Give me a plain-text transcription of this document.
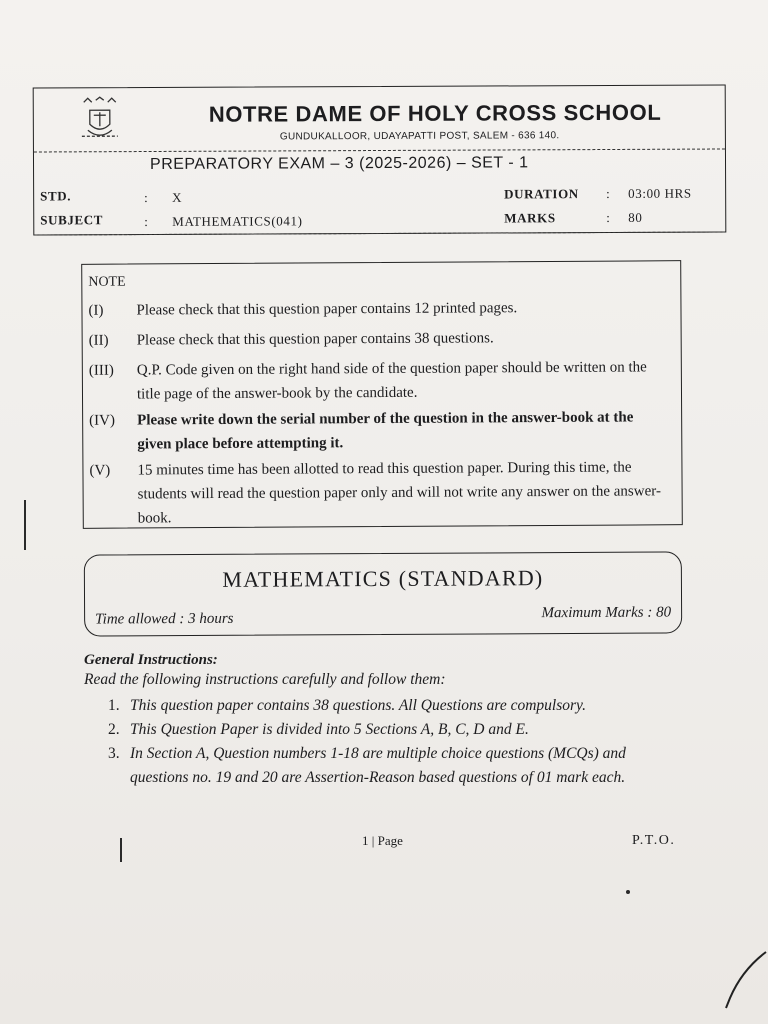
NOTRE DAME OF HOLY CROSS SCHOOL
GUNDUKALLOOR, UDAYAPATTI POST, SALEM - 636 140.
PREPARATORY EXAM – 3 (2025-2026) – SET - 1
STD.	: X
SUBJECT	: MATHEMATICS(041)
DURATION : 03:00 HRS
MARKS	: 80
NOTE
(I)	Please check that this question paper contains 12 printed pages.
(II)	Please check that this question paper contains 38 questions.
(III)	Q.P. Code given on the right hand side of the question paper should be written on the title page of the answer-book by the candidate.
(IV)	Please write down the serial number of the question in the answer-book at the given place before attempting it.
(V)	15 minutes time has been allotted to read this question paper. During this time, the students will read the question paper only and will not write any answer on the answer-book.
MATHEMATICS (STANDARD)
Time allowed : 3 hours	Maximum Marks : 80
General Instructions:
Read the following instructions carefully and follow them:
1. This question paper contains 38 questions. All Questions are compulsory.
2. This Question Paper is divided into 5 Sections A, B, C, D and E.
3. In Section A, Question numbers 1-18 are multiple choice questions (MCQs) and questions no. 19 and 20 are Assertion-Reason based questions of 01 mark each.
1 | Page	P.T.O.
